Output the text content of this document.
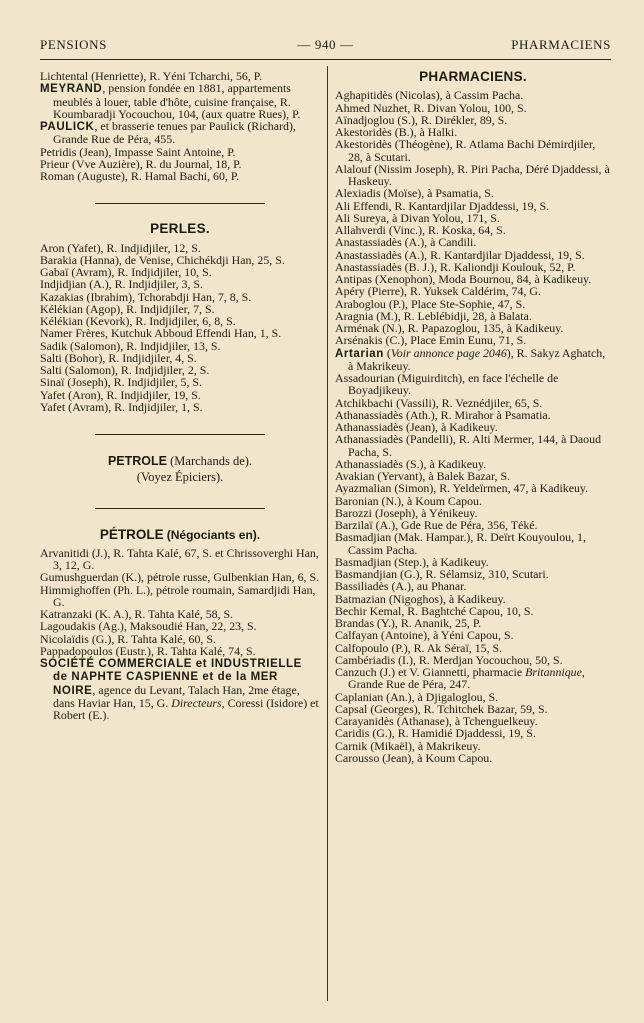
PENSIONS	— 940 —	PHARMACIENS

Lichtental (Henriette), R. Yéni Tcharchi, 56, P.

MEYRAND, pension fondée en 1881, appartements meublés à louer, table d'hôte, cuisine française, R. Koumbaradji Yocouchou, 104, (aux quatre Rues), P.

PAULICK, et brasserie tenues par Paulick (Richard), Grande Rue de Péra, 455.

Petridis (Jean), Impasse Saint Antoine, P.

Prieur (Vve Auzière), R. du Journal, 18, P.

Roman (Auguste), R. Hamal Bachi, 60, P.

PERLES.

Aron (Yafet), R. Indjidjiler, 12, S.

Barakia (Hanna), de Venise, Chichékdji Han, 25, S.

Gabaï (Avram), R. Indjidjiler, 10, S.

Indjidjian (A.), R. Indjidjiler, 3, S.

Kazakias (Ibrahim), Tchorabdji Han, 7, 8, S.

Kélékian (Agop), R. Indjidjiler, 7, S.

Kélékian (Kevork), R. Indjidjiler, 6, 8, S.

Namer Frères, Kutchuk Abboud Effendi Han, 1, S.

Sadik (Salomon), R. Indjidjiler, 13, S.

Salti (Bohor), R. Indjidjiler, 4, S.

Salti (Salomon), R. Indjidjiler, 2, S.

Sinaï (Joseph), R. Indjidjiler, 5, S.

Yafet (Aron), R. Indjidjiler, 19, S.

Yafet (Avram), R. Indjidjiler, 1, S.

PETROLE (Marchands de).
(Voyez Épiciers).
PÉTROLE (Négociants en).

Arvanitidi (J.), R. Tahta Kalé, 67, S. et Chrissoverghi Han, 3, 12, G.

Gumushguerdan (K.), pétrole russe, Gulbenkian Han, 6, S.

Himmighoffen (Ph. L.), pétrole roumain, Samardjidi Han, G.

Katranzaki (K. A.), R. Tahta Kalé, 58, S.

Lagoudakis (Ag.), Maksoudié Han, 22, 23, S.

Nicolaïdis (G.), R. Tahta Kalé, 60, S.

Pappadopoulos (Eustr.), R. Tahta Kalé, 74, S.

SOCIÉTÉ COMMERCIALE et INDUSTRIELLE de NAPHTE CASPIENNE et de la MER NOIRE, agence du Levant, Talach Han, 2me étage, dans Haviar Han, 15, G. Directeurs, Coressi (Isidore) et Robert (E.).

PHARMACIENS.

Aghapitidès (Nicolas), à Cassim Pacha.

Ahmed Nuzhet, R. Divan Yolou, 100, S.

Aïnadjoglou (S.), R. Dirékler, 89, S.

Akestoridès (B.), à Halki.

Akestoridès (Théogène), R. Atlama Bachi Démirdjiler, 28, à Scutari.

Alalouf (Nissim Joseph), R. Piri Pacha, Déré Djaddessi, à Haskeuy.

Alexiadis (Moïse), à Psamatia, S.

Ali Effendi, R. Kantardjilar Djaddessi, 19, S.

Ali Sureya, à Divan Yolou, 171, S.

Allahverdi (Vinc.), R. Koska, 64, S.

Anastassiadès (A.), à Candili.

Anastassiadès (A.), R. Kantardjilar Djaddessi, 19, S.

Anastassiadès (B. J.), R. Kaliondji Koulouk, 52, P.

Antipas (Xenophon), Moda Bournou, 84, à Kadikeuy.

Apéry (Pierre), R. Yuksek Caldérim, 74, G.

Araboglou (P.), Place Ste-Sophie, 47, S.

Aragnia (M.), R. Leblébidji, 28, à Balata.

Arménak (N.), R. Papazoglou, 135, à Kadikeuy.

Arsénakis (C.), Place Emin Eunu, 71, S.

Artarian (Voir annonce page 2046), R. Sakyz Aghatch, à Makrikeuy.

Assadourian (Miguirditch), en face l'échelle de Boyadjikeuy.

Atchikbachi (Vassili), R. Veznédjiler, 65, S.

Athanassiadès (Ath.), R. Mirahor à Psamatia.

Athanassiadès (Jean), à Kadikeuy.

Athanassiadès (Pandelli), R. Alti Mermer, 144, à Daoud Pacha, S.

Athanassiadès (S.), à Kadikeuy.

Avakian (Yervant), à Balek Bazar, S.

Ayazmalian (Simon), R. Yeldeïrmen, 47, à Kadikeuy.

Baronian (N.), à Koum Capou.

Barozzi (Joseph), à Yénikeuy.

Barzilaï (A.), Gde Rue de Péra, 356, Téké.

Basmadjian (Mak. Hampar.), R. Deïrt Kouyoulou, 1, Cassim Pacha.

Basmadjian (Step.), à Kadikeuy.

Basmandjian (G.), R. Sélamsiz, 310, Scutari.

Bassiliadès (A.), au Phanar.

Batmazian (Nigoghos), à Kadikeuy.

Bechir Kemal, R. Baghtché Capou, 10, S.

Brandas (Y.), R. Ananik, 25, P.

Calfayan (Antoine), à Yéni Capou, S.

Calfopoulo (P.), R. Ak Séraï, 15, S.

Cambériadis (I.), R. Merdjan Yocouchou, 50, S.

Canzuch (J.) et V. Giannetti, pharmacie Britannique, Grande Rue de Péra, 247.

Caplanian (An.), à Djigaloglou, S.

Capsal (Georges), R. Tchitchek Bazar, 59, S.

Carayanidès (Athanase), à Tchenguelkeuy.

Caridis (G.), R. Hamidié Djaddessi, 19, S.

Carnik (Mikaël), à Makrikeuy.

Carousso (Jean), à Koum Capou.
